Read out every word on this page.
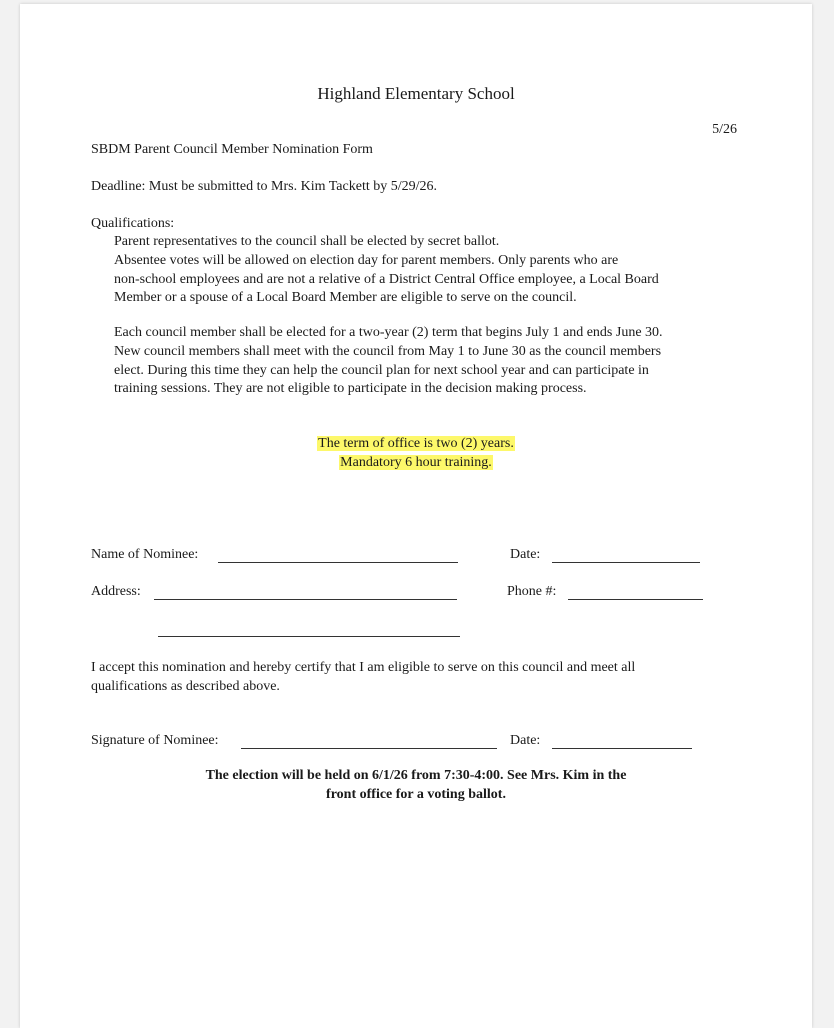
Highland Elementary School
5/26
SBDM Parent Council Member Nomination Form
Deadline: Must be submitted to Mrs. Kim Tackett by 5/29/26.
Qualifications:
Parent representatives to the council shall be elected by secret ballot.
Absentee votes will be allowed on election day for parent members. Only parents who are
non-school employees and are not a relative of a District Central Office employee, a Local Board
Member or a spouse of a Local Board Member are eligible to serve on the council.
Each council member shall be elected for a two-year (2) term that begins July 1 and ends June 30.
New council members shall meet with the council from May 1 to June 30 as the council members
elect. During this time they can help the council plan for next school year and can participate in
training sessions. They are not eligible to participate in the decision making process.
The term of office is two (2) years.
Mandatory 6 hour training.
Name of Nominee:	Date:
Address:	Phone #:
I accept this nomination and hereby certify that I am eligible to serve on this council and meet all
qualifications as described above.
Signature of Nominee:	Date:
The election will be held on 6/1/26 from 7:30-4:00. See Mrs. Kim in the
front office for a voting ballot.
